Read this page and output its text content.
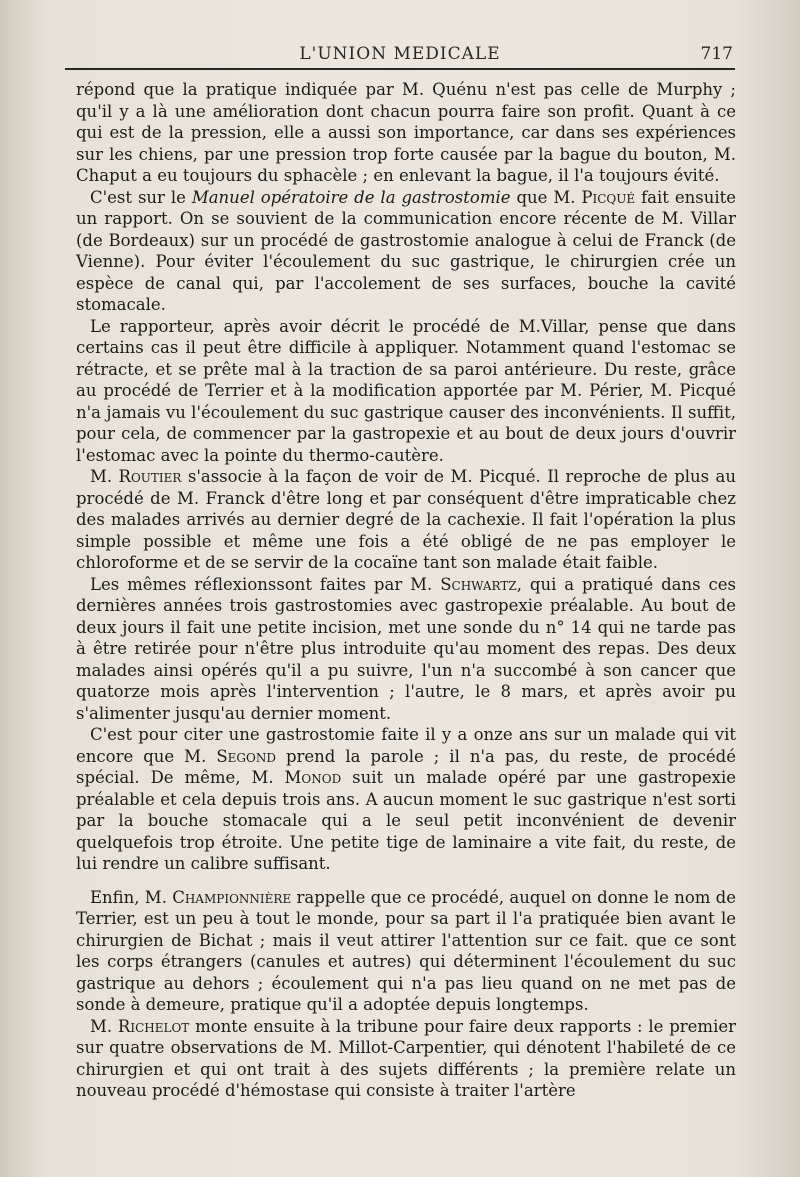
L'UNION MEDICALE	717

répond que la pratique indiquée par M. Quénu n'est pas celle de Murphy ; qu'il y a là une amélioration dont chacun pourra faire son profit. Quant à ce qui est de la pression, elle a aussi son importance, car dans ses expériences sur les chiens, par une pression trop forte causée par la bague du bouton, M. Chaput a eu toujours du sphacèle ; en enlevant la bague, il l'a toujours évité.

C'est sur le Manuel opératoire de la gastrostomie que M. Picqué fait ensuite un rapport. On se souvient de la communication encore récente de M. Villar (de Bordeaux) sur un procédé de gastrostomie analogue à celui de Franck (de Vienne). Pour éviter l'écoulement du suc gastrique, le chirurgien crée un espèce de canal qui, par l'accolement de ses surfaces, bouche la cavité stomacale.

Le rapporteur, après avoir décrit le procédé de M.Villar, pense que dans certains cas il peut être difficile à appliquer. Notamment quand l'estomac se rétracte, et se prête mal à la traction de sa paroi antérieure. Du reste, grâce au procédé de Terrier et à la modification apportée par M. Périer, M. Picqué n'a jamais vu l'écoulement du suc gastrique causer des inconvénients. Il suffit, pour cela, de commencer par la gastropexie et au bout de deux jours d'ouvrir l'estomac avec la pointe du thermo-cautère.

M. Routier s'associe à la façon de voir de M. Picqué. Il reproche de plus au procédé de M. Franck d'être long et par conséquent d'être impraticable chez des malades arrivés au dernier degré de la cachexie. Il fait l'opération la plus simple possible et même une fois a été obligé de ne pas employer le chloroforme et de se servir de la cocaïne tant son malade était faible.

Les mêmes réflexionssont faites par M. Schwartz, qui a pratiqué dans ces dernières années trois gastrostomies avec gastropexie préalable. Au bout de deux jours il fait une petite incision, met une sonde du n° 14 qui ne tarde pas à être retirée pour n'être plus introduite qu'au moment des repas. Des deux malades ainsi opérés qu'il a pu suivre, l'un n'a succombé à son cancer que quatorze mois après l'intervention ; l'autre, le 8 mars, et après avoir pu s'alimenter jusqu'au dernier moment.

C'est pour citer une gastrostomie faite il y a onze ans sur un malade qui vit encore que M. Segond prend la parole ; il n'a pas, du reste, de procédé spécial. De même, M. Monod suit un malade opéré par une gastropexie préalable et cela depuis trois ans. A aucun moment le suc gastrique n'est sorti par la bouche stomacale qui a le seul petit inconvénient de devenir quelquefois trop étroite. Une petite tige de laminaire a vite fait, du reste, de lui rendre un calibre suffisant.

Enfin, M. Championnière rappelle que ce procédé, auquel on donne le nom de Terrier, est un peu à tout le monde, pour sa part il l'a pratiquée bien avant le chirurgien de Bichat ; mais il veut attirer l'attention sur ce fait. que ce sont les corps étrangers (canules et autres) qui déterminent l'écoulement du suc gastrique au dehors ; écoulement qui n'a pas lieu quand on ne met pas de sonde à demeure, pratique qu'il a adoptée depuis longtemps.

M. Richelot monte ensuite à la tribune pour faire deux rapports : le premier sur quatre observations de M. Millot-Carpentier, qui dénotent l'habileté de ce chirurgien et qui ont trait à des sujets différents ; la première relate un nouveau procédé d'hémostase qui consiste à traiter l'artère
